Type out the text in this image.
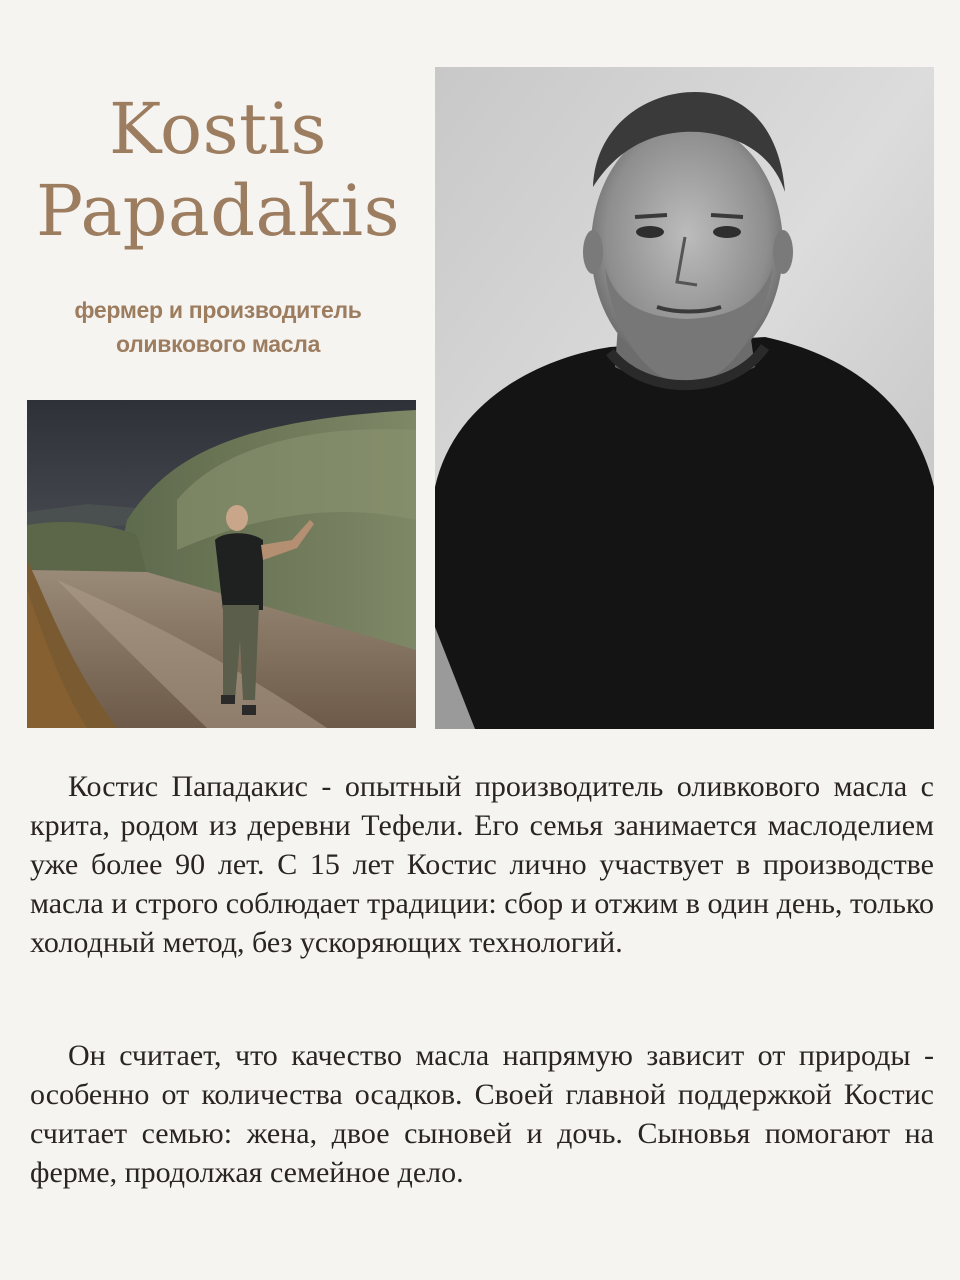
Kostis
Papadakis
фермер и производитель
оливкового масла

Костис Пападакис - опытный производитель оливкового масла с крита, родом из деревни Тефели. Его семья занимается маслоделием уже более 90 лет. С 15 лет Костис лично участвует в производстве масла и строго соблюдает традиции: сбор и отжим в один день, только холодный метод, без ускоряющих технологий.

Он считает, что качество масла напрямую зависит от природы - особенно от количества осадков. Своей главной поддержкой Костис считает семью: жена, двое сыновей и дочь. Сыновья помогают на ферме, продолжая семейное дело.
